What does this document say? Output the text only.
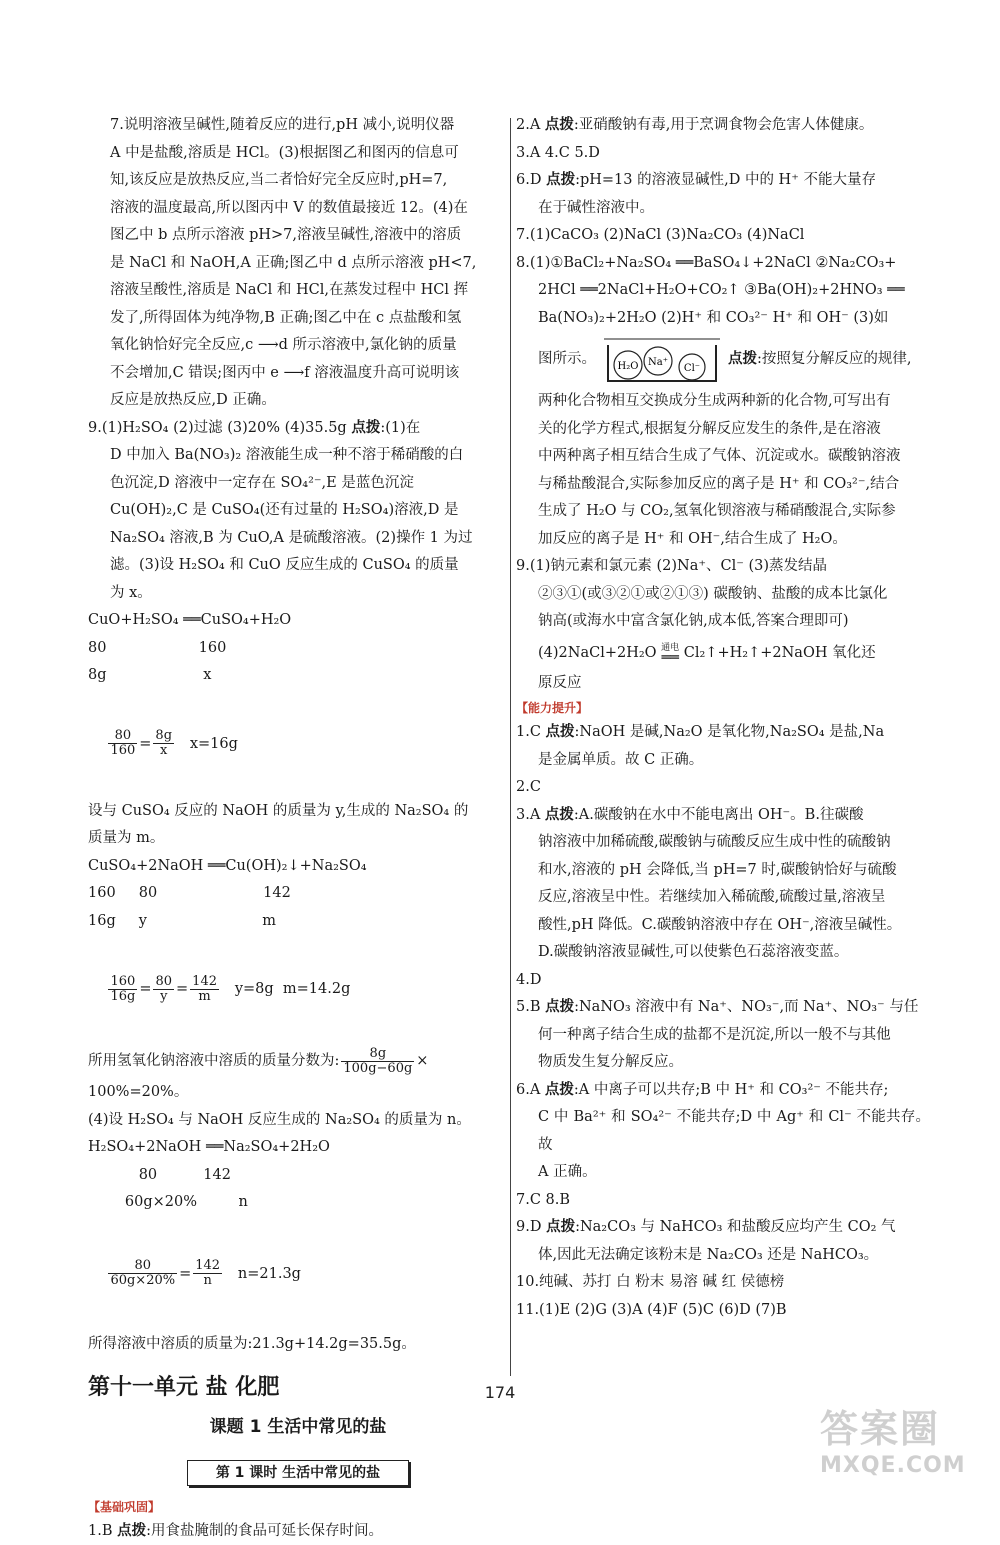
7.说明溶液呈碱性,随着反应的进行,pH 减小,说明仪器

A 中是盐酸,溶质是 HCl。(3)根据图乙和图丙的信息可

知,该反应是放热反应,当二者恰好完全反应时,pH=7,

溶液的温度最高,所以图丙中 V 的数值最接近 12。(4)在

图乙中 b 点所示溶液 pH>7,溶液呈碱性,溶液中的溶质

是 NaCl 和 NaOH,A 正确;图乙中 d 点所示溶液 pH<7,

溶液呈酸性,溶质是 NaCl 和 HCl,在蒸发过程中 HCl 挥

发了,所得固体为纯净物,B 正确;图乙中在 c 点盐酸和氢

氧化钠恰好完全反应,c ⟶d 所示溶液中,氯化钠的质量

不会增加,C 错误;图丙中 e ⟶f 溶液温度升高可说明该

反应是放热反应,D 正确。

9.(1)H₂SO₄ (2)过滤 (3)20% (4)35.5g 点拨:(1)在

D 中加入 Ba(NO₃)₂ 溶液能生成一种不溶于稀硝酸的白

色沉淀,D 溶液中一定存在 SO₄²⁻,E 是蓝色沉淀

Cu(OH)₂,C 是 CuSO₄(还有过量的 H₂SO₄)溶液,D 是

Na₂SO₄ 溶液,B 为 CuO,A 是硫酸溶液。(2)操作 1 为过

滤。(3)设 H₂SO₄ 和 CuO 反应生成的 CuSO₄ 的质量

为 x。

CuO+H₂SO₄ ══CuSO₄+H₂O

80                    160

8g                     x

$\frac{80}{160} = \frac{8g}{x} x=16g$

设与 CuSO₄ 反应的 NaOH 的质量为 y,生成的 Na₂SO₄ 的

质量为 m。

CuSO₄+2NaOH ══Cu(OH)₂↓+Na₂SO₄

160     80                       142

16g     y                         m

$\frac{160}{16g} = \frac{80}{y} = \frac{142}{m} y=8g$  m=14.2g

所用氢氧化钠溶液中溶质的质量分数为: $\frac{8g}{100g-60g}$ ×

100%=20%。

(4)设 H₂SO₄ 与 NaOH 反应生成的 Na₂SO₄ 的质量为 n。

H₂SO₄+2NaOH ══Na₂SO₄+2H₂O

80          142

60g×20%         n

$\frac{80}{60g\times 20\%} = \frac{142}{n} n=21.3g$

所得溶液中溶质的质量为:21.3g+14.2g=35.5g。

第十一单元 盐 化肥
课题 1 生活中常见的盐
第 1 课时 生活中常见的盐
【基础巩固】

1.B 点拨:用食盐腌制的食品可延长保存时间。

2.A 点拨:亚硝酸钠有毒,用于烹调食物会危害人体健康。

3.A 4.C 5.D

6.D 点拨:pH=13 的溶液显碱性,D 中的 H⁺ 不能大量存

在于碱性溶液中。

7.(1)CaCO₃ (2)NaCl (3)Na₂CO₃ (4)NaCl

8.(1)①BaCl₂+Na₂SO₄ ══BaSO₄↓+2NaCl ②Na₂CO₃+

2HCl ══2NaCl+H₂O+CO₂↑ ③Ba(OH)₂+2HNO₃ ══

Ba(NO₃)₂+2H₂O (2)H⁺ 和 CO₃²⁻ H⁺ 和 OH⁻ (3)如

图所示。 H₂O Na⁺
Cl⁻
点拨 :按照复分解反应的规律,

两种化合物相互交换成分生成两种新的化合物,可写出有

关的化学方程式,根据复分解反应发生的条件,是在溶液

中两种离子相互结合生成了气体、沉淀或水。碳酸钠溶液

与稀盐酸混合,实际参加反应的离子是 H⁺ 和 CO₃²⁻,结合

生成了 H₂O 与 CO₂,氢氧化钡溶液与稀硝酸混合,实际参

加反应的离子是 H⁺ 和 OH⁻,结合生成了 H₂O。

9.(1)钠元素和氯元素 (2)Na⁺、Cl⁻ (3)蒸发结晶

②③①(或③②①或②①③) 碳酸钠、盐酸的成本比氯化

钠高(或海水中富含氯化钠,成本低,答案合理即可)

(4)2NaCl+2H₂O 通电
══ Cl₂↑+H₂↑+2NaOH 氧化还

原反应

【能力提升】

1.C 点拨:NaOH 是碱,Na₂O 是氧化物,Na₂SO₄ 是盐,Na

是金属单质。故 C 正确。

2.C

3.A 点拨:A.碳酸钠在水中不能电离出 OH⁻。B.往碳酸

钠溶液中加稀硫酸,碳酸钠与硫酸反应生成中性的硫酸钠

和水,溶液的 pH 会降低,当 pH=7 时,碳酸钠恰好与硫酸

反应,溶液呈中性。若继续加入稀硫酸,硫酸过量,溶液呈

酸性,pH 降低。C.碳酸钠溶液中存在 OH⁻,溶液呈碱性。

D.碳酸钠溶液显碱性,可以使紫色石蕊溶液变蓝。

4.D

5.B 点拨:NaNO₃ 溶液中有 Na⁺、NO₃⁻,而 Na⁺、NO₃⁻ 与任

何一种离子结合生成的盐都不是沉淀,所以一般不与其他

物质发生复分解反应。

6.A 点拨:A 中离子可以共存;B 中 H⁺ 和 CO₃²⁻ 不能共存;

C 中 Ba²⁺ 和 SO₄²⁻ 不能共存;D 中 Ag⁺ 和 Cl⁻ 不能共存。故

A 正确。

7.C 8.B

9.D 点拨:Na₂CO₃ 与 NaHCO₃ 和盐酸反应均产生 CO₂ 气

体,因此无法确定该粉末是 Na₂CO₃ 还是 NaHCO₃。

10.纯碱、苏打 白 粉末 易溶 碱 红 侯德榜

11.(1)E (2)G (3)A (4)F (5)C (6)D (7)B

174
答案圈
MXQE.COM
